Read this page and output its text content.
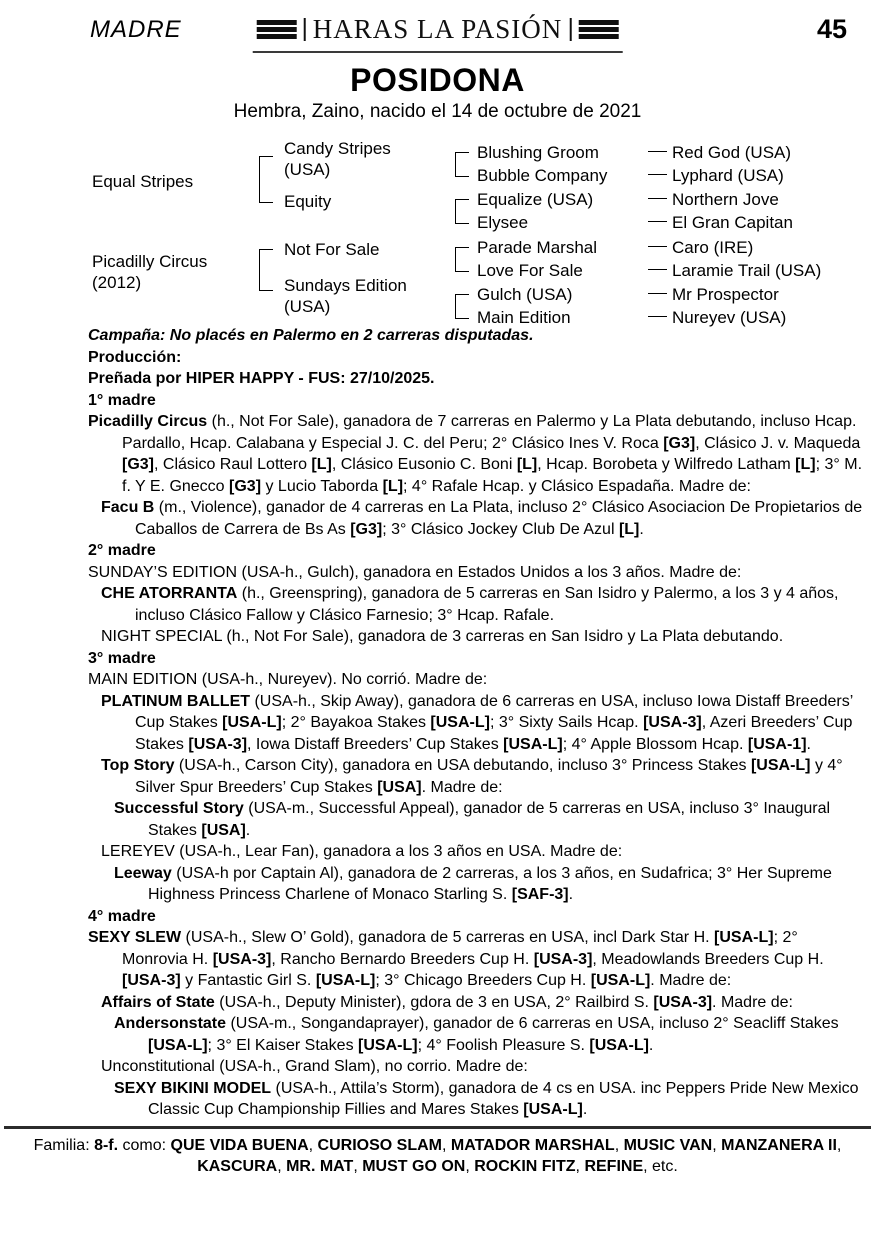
MADRE	HARAS LA PASIÓN	45
POSIDONA
Hembra, Zaino, nacido el 14 de octubre de 2021
Equal Stripes
Picadilly Circus (2012)
Candy Stripes (USA)
Equity
Not For Sale
Sundays Edition (USA)
Blushing Groom
Bubble Company
Equalize (USA)
Elysee
Parade Marshal
Love For Sale
Gulch (USA)
Main Edition
Red God (USA)
Lyphard (USA)
Northern Jove
El Gran Capitan
Caro (IRE)
Laramie Trail (USA)
Mr Prospector
Nureyev (USA)

Campaña: No placés en Palermo en 2 carreras disputadas.

Producción:

Preñada por HIPER HAPPY - FUS: 27/10/2025.

1° madre

Picadilly Circus (h., Not For Sale), ganadora de 7 carreras en Palermo y La Plata debutando, incluso Hcap. Pardallo, Hcap. Calabana y Especial J. C. del Peru; 2° Clásico Ines V. Roca [G3], Clásico J. v. Maqueda [G3], Clásico Raul Lottero [L], Clásico Eusonio C. Boni [L], Hcap. Borobeta y Wilfredo Latham [L]; 3° M. f. Y E. Gnecco [G3] y Lucio Taborda [L]; 4° Rafale Hcap. y Clásico Espadaña. Madre de:

Facu B (m., Violence), ganador de 4 carreras en La Plata, incluso 2° Clásico Asociacion De Propietarios de Caballos de Carrera de Bs As [G3]; 3° Clásico Jockey Club De Azul [L].

2° madre

SUNDAY’S EDITION (USA-h., Gulch), ganadora en Estados Unidos a los 3 años. Madre de:

CHE ATORRANTA (h., Greenspring), ganadora de 5 carreras en San Isidro y Palermo, a los 3 y 4 años, incluso Clásico Fallow y Clásico Farnesio; 3° Hcap. Rafale.

NIGHT SPECIAL (h., Not For Sale), ganadora de 3 carreras en San Isidro y La Plata debutando.

3° madre

MAIN EDITION (USA-h., Nureyev). No corrió. Madre de:

PLATINUM BALLET (USA-h., Skip Away), ganadora de 6 carreras en USA, incluso Iowa Distaff Breeders’ Cup Stakes [USA-L]; 2° Bayakoa Stakes [USA-L]; 3° Sixty Sails Hcap. [USA-3], Azeri Breeders’ Cup Stakes [USA-3], Iowa Distaff Breeders’ Cup Stakes [USA-L]; 4° Apple Blossom Hcap. [USA-1].

Top Story (USA-h., Carson City), ganadora en USA debutando, incluso 3° Princess Stakes [USA-L] y 4° Silver Spur Breeders’ Cup Stakes [USA]. Madre de:

Successful Story (USA-m., Successful Appeal), ganador de 5 carreras en USA, incluso 3° Inaugural Stakes [USA].

LEREYEV (USA-h., Lear Fan), ganadora a los 3 años en USA. Madre de:

Leeway (USA-h por Captain Al), ganadora de 2 carreras, a los 3 años, en Sudafrica; 3° Her Supreme Highness Princess Charlene of Monaco Starling S. [SAF-3].

4° madre

SEXY SLEW (USA-h., Slew O’ Gold), ganadora de 5 carreras en USA, incl Dark Star H. [USA-L]; 2° Monrovia H. [USA-3], Rancho Bernardo Breeders Cup H. [USA-3], Meadowlands Breeders Cup H. [USA-3] y Fantastic Girl S. [USA-L]; 3° Chicago Breeders Cup H. [USA-L]. Madre de:

Affairs of State (USA-h., Deputy Minister), gdora de 3 en USA, 2° Railbird S. [USA-3]. Madre de:

Andersonstate (USA-m., Songandaprayer), ganador de 6 carreras en USA, incluso 2° Seacliff Stakes [USA-L]; 3° El Kaiser Stakes [USA-L]; 4° Foolish Pleasure S. [USA-L].

Unconstitutional (USA-h., Grand Slam), no corrio. Madre de:

SEXY BIKINI MODEL (USA-h., Attila’s Storm), ganadora de 4 cs en USA. inc Peppers Pride New Mexico Classic Cup Championship Fillies and Mares Stakes [USA-L].

Familia: 8-f. como: QUE VIDA BUENA, CURIOSO SLAM, MATADOR MARSHAL, MUSIC VAN, MANZANERA II, KASCURA, MR. MAT, MUST GO ON, ROCKIN FITZ, REFINE, etc.
